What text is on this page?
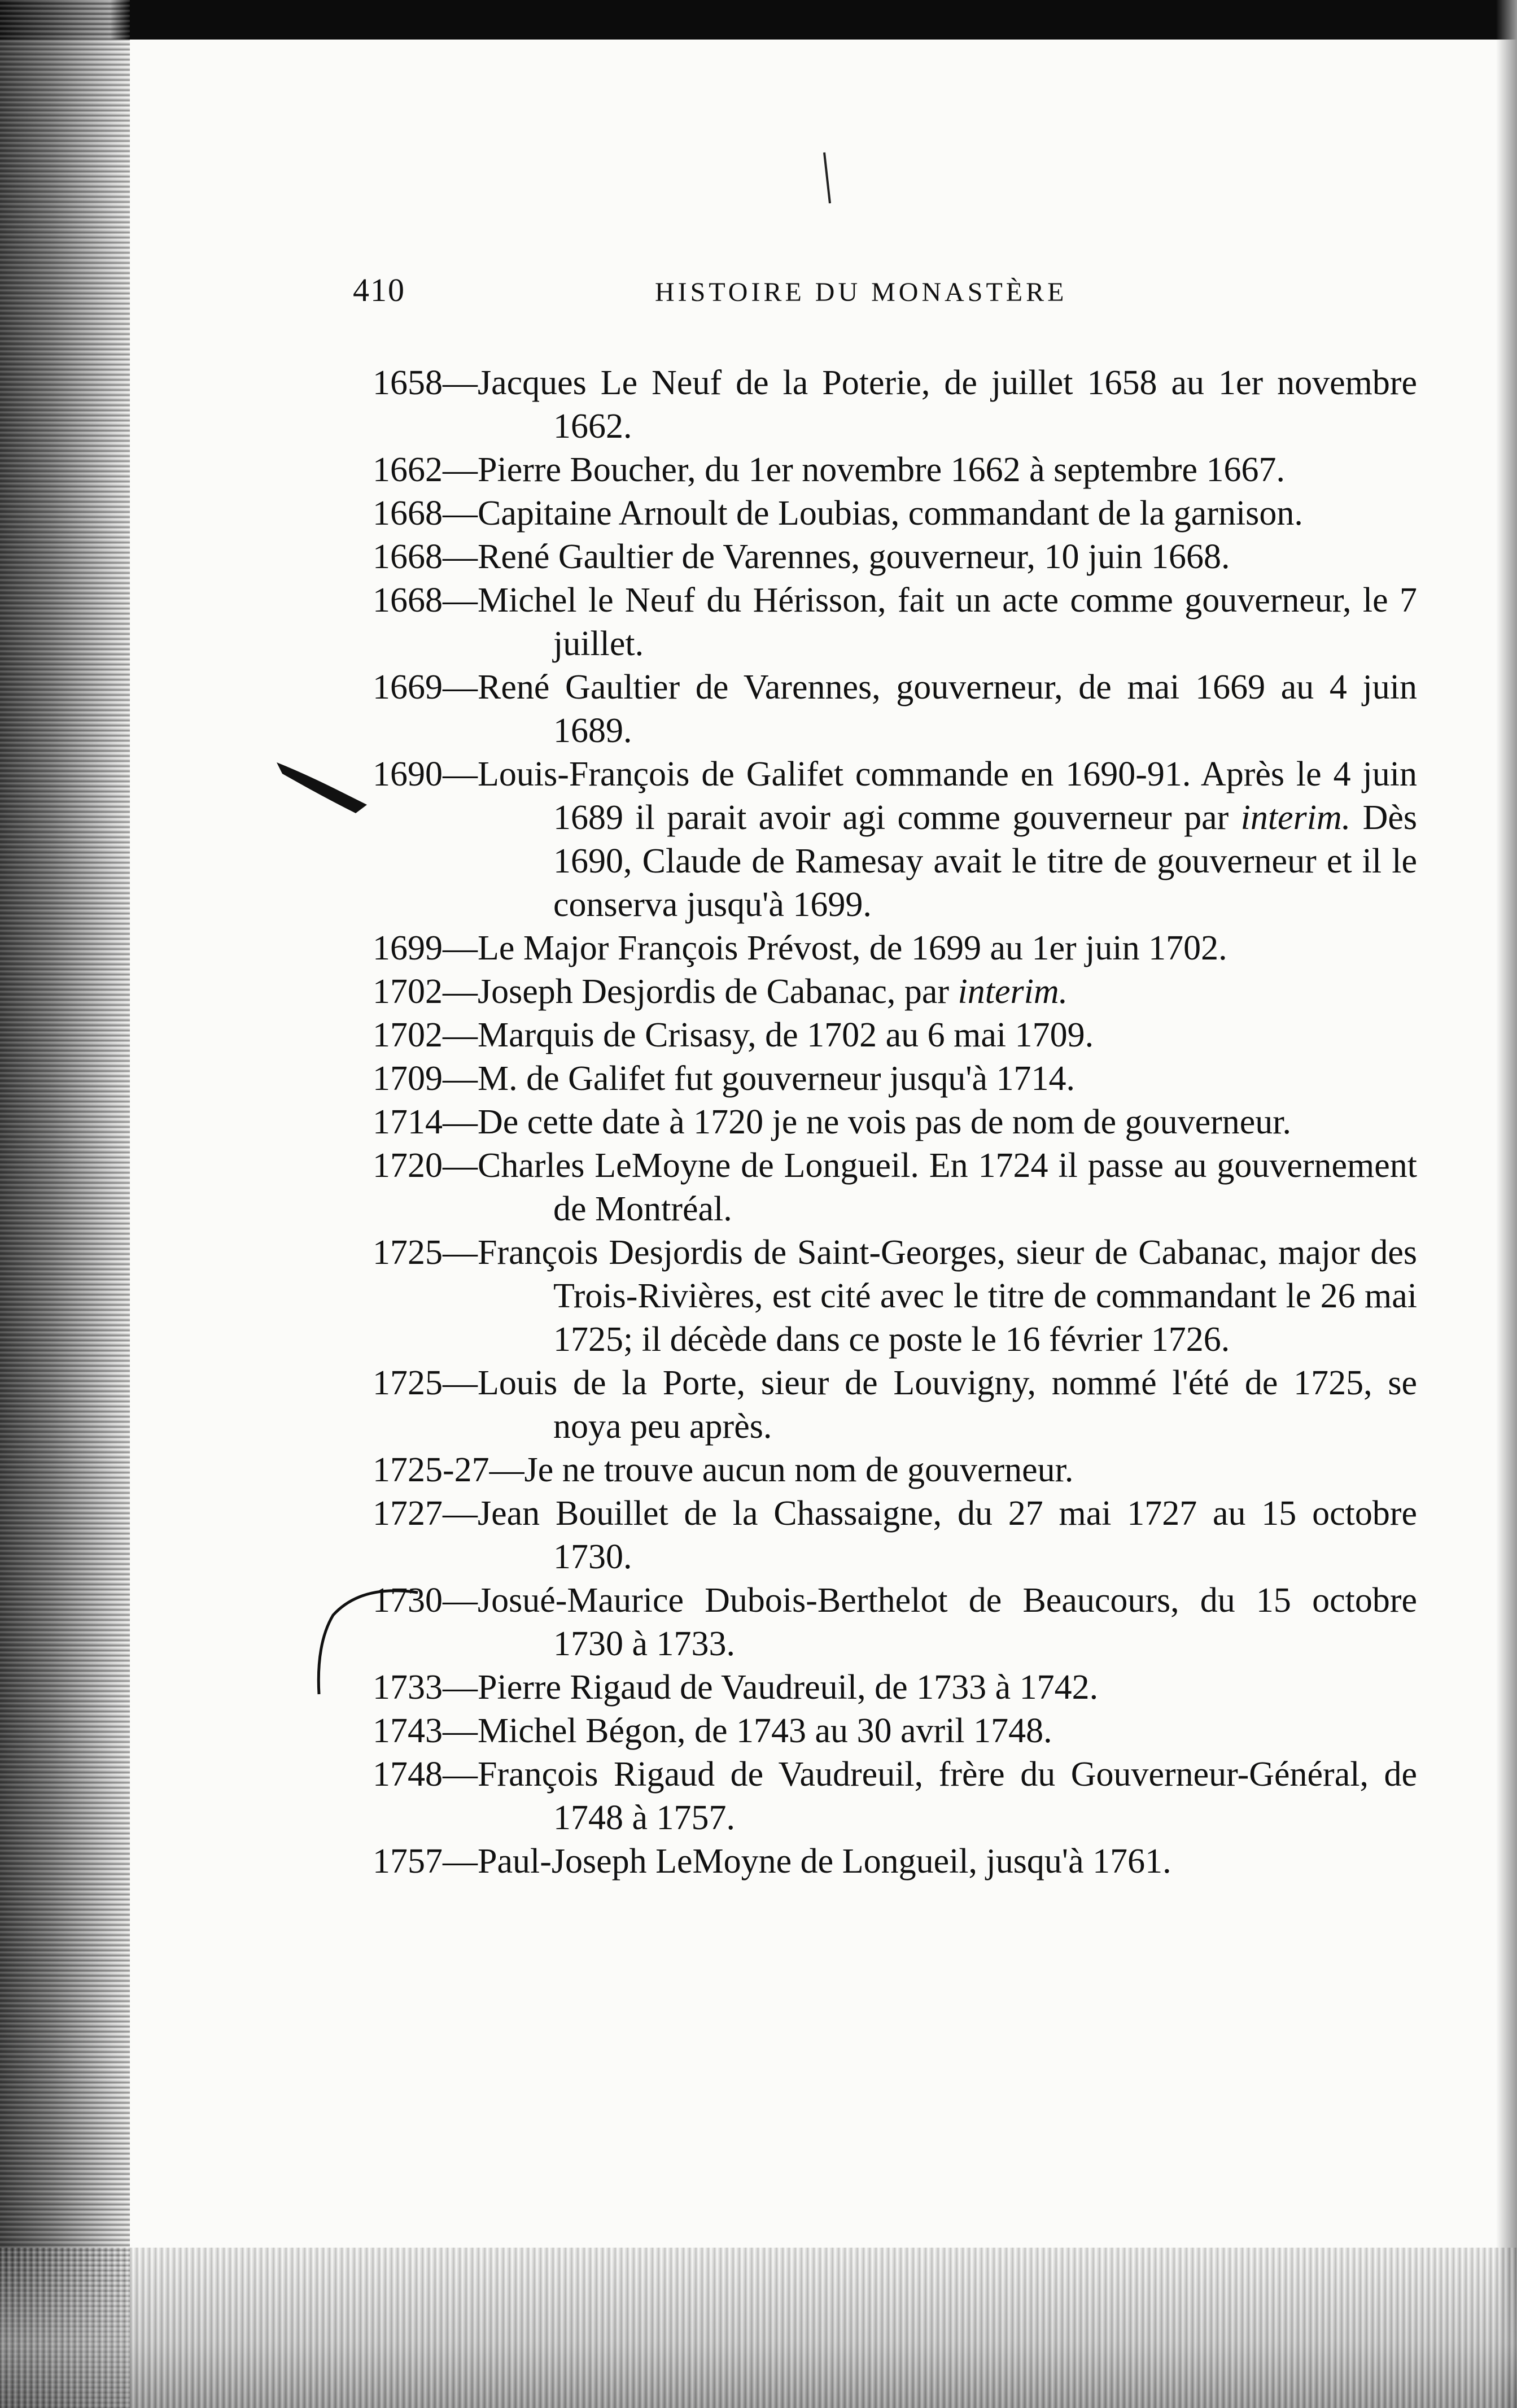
410	HISTOIRE DU MONASTÈRE
1658—Jacques Le Neuf de la Poterie, de juillet 1658 au 1er novembre 1662.
1662—Pierre Boucher, du 1er novembre 1662 à septembre 1667.
1668—Capitaine Arnoult de Loubias, commandant de la garnison.
1668—René Gaultier de Varennes, gouverneur, 10 juin 1668.
1668—Michel le Neuf du Hérisson, fait un acte comme gouverneur, le 7 juillet.
1669—René Gaultier de Varennes, gouverneur, de mai 1669 au 4 juin 1689.
1690—Louis-François de Galifet commande en 1690-91. Après le 4 juin 1689 il parait avoir agi comme gouverneur par interim. Dès 1690, Claude de Ramesay avait le titre de gouverneur et il le conserva jusqu'à 1699.
1699—Le Major François Prévost, de 1699 au 1er juin 1702.
1702—Joseph Desjordis de Cabanac, par interim.
1702—Marquis de Crisasy, de 1702 au 6 mai 1709.
1709—M. de Galifet fut gouverneur jusqu'à 1714.
1714—De cette date à 1720 je ne vois pas de nom de gouverneur.
1720—Charles LeMoyne de Longueil. En 1724 il passe au gouvernement de Montréal.
1725—François Desjordis de Saint-Georges, sieur de Cabanac, major des Trois-Rivières, est cité avec le titre de commandant le 26 mai 1725; il décède dans ce poste le 16 février 1726.
1725—Louis de la Porte, sieur de Louvigny, nommé l'été de 1725, se noya peu après.
1725-27—Je ne trouve aucun nom de gouverneur.
1727—Jean Bouillet de la Chassaigne, du 27 mai 1727 au 15 octobre 1730.
1730—Josué-Maurice Dubois-Berthelot de Beaucours, du 15 octobre 1730 à 1733.
1733—Pierre Rigaud de Vaudreuil, de 1733 à 1742.
1743—Michel Bégon, de 1743 au 30 avril 1748.
1748—François Rigaud de Vaudreuil, frère du Gouverneur-Général, de 1748 à 1757.
1757—Paul-Joseph LeMoyne de Longueil, jusqu'à 1761.
